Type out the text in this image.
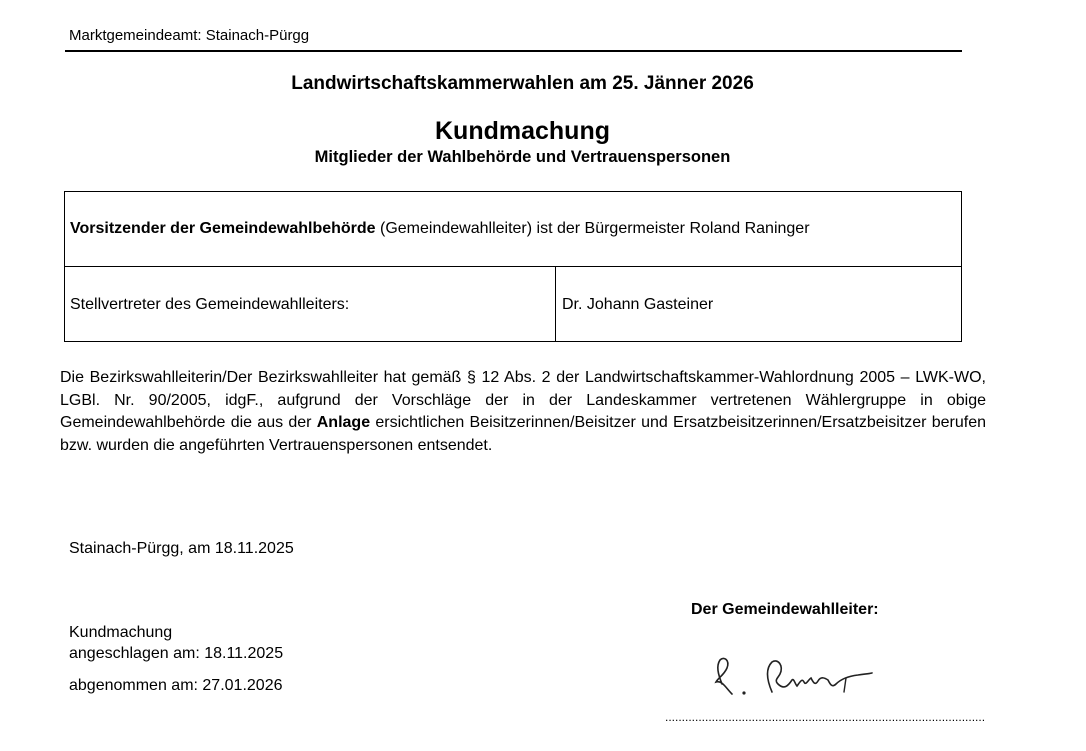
Marktgemeindeamt: Stainach-Pürgg
Landwirtschaftskammerwahlen am 25. Jänner 2026
Kundmachung
Mitglieder der Wahlbehörde und Vertrauenspersonen
Vorsitzender der Gemeindewahlbehörde (Gemeindewahlleiter) ist der Bürgermeister Roland Raninger
Stellvertreter des Gemeindewahlleiters:	Dr. Johann Gasteiner

Die Bezirkswahlleiterin/Der Bezirkswahlleiter hat gemäß § 12 Abs. 2 der Landwirtschaftskammer-Wahlordnung 2005 – LWK-WO, LGBl. Nr. 90/2005, idgF., aufgrund der Vorschläge der in der Landeskammer vertretenen Wählergruppe in obige Gemeindewahlbehörde die aus der Anlage ersichtlichen Beisitzerinnen/Beisitzer und Ersatzbeisitzerinnen/Ersatzbeisitzer berufen bzw. wurden die angeführten Vertrauenspersonen entsendet.

Stainach-Pürgg, am 18.11.2025
Der Gemeindewahlleiter:
Kundmachung
angeschlagen am: 18.11.2025
abgenommen am: 27.01.2026
................................................................................................
